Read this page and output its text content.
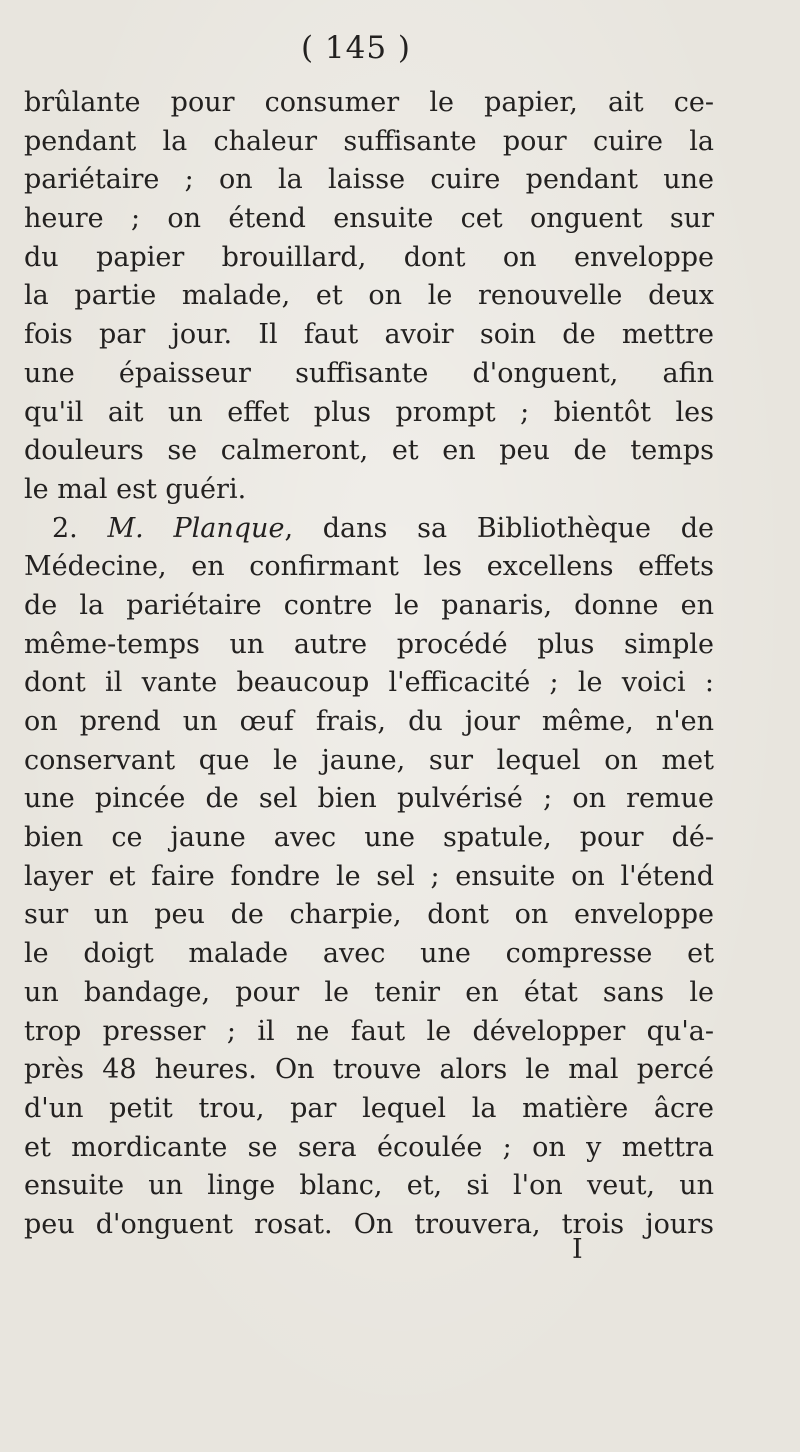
( 145 )
brûlante pour consumer le papier, ait ce-
pendant la chaleur suffisante pour cuire la
pariétaire ; on la laisse cuire pendant une
heure ; on étend ensuite cet onguent sur
du papier brouillard, dont on enveloppe
la partie malade, et on le renouvelle deux
fois par jour. Il faut avoir soin de mettre
une épaisseur suffisante d'onguent, afin
qu'il ait un effet plus prompt ; bientôt les
douleurs se calmeront, et en peu de temps
le mal est guéri.
2. M. Planque, dans sa Bibliothèque de
Médecine, en confirmant les excellens effets
de la pariétaire contre le panaris, donne en
même-temps un autre procédé plus simple
dont il vante beaucoup l'efficacité ; le voici :
on prend un œuf frais, du jour même, n'en
conservant que le jaune, sur lequel on met
une pincée de sel bien pulvérisé ; on remue
bien ce jaune avec une spatule, pour dé-
layer et faire fondre le sel ; ensuite on l'étend
sur un peu de charpie, dont on enveloppe
le doigt malade avec une compresse et
un bandage, pour le tenir en état sans le
trop presser ; il ne faut le développer qu'a-
près 48 heures. On trouve alors le mal percé
d'un petit trou, par lequel la matière âcre
et mordicante se sera écoulée ; on y mettra
ensuite un linge blanc, et, si l'on veut, un
peu d'onguent rosat. On trouvera, trois jours
I
